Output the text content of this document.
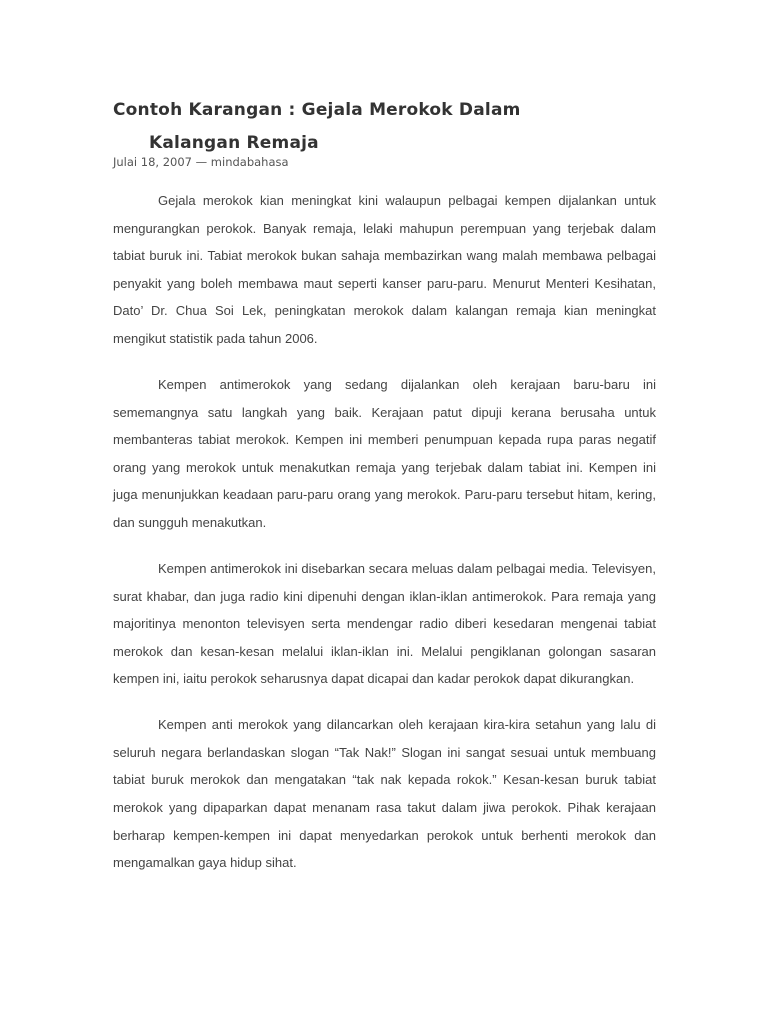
Contoh Karangan : Gejala Merokok Dalam
Kalangan Remaja
Julai 18, 2007 — mindabahasa

Gejala merokok kian meningkat kini walaupun pelbagai kempen dijalankan untuk mengurangkan perokok. Banyak remaja, lelaki mahupun perempuan yang terjebak dalam tabiat buruk ini. Tabiat merokok bukan sahaja membazirkan wang malah membawa pelbagai penyakit yang boleh membawa maut seperti kanser paru-paru. Menurut Menteri Kesihatan, Dato’ Dr. Chua Soi Lek, peningkatan merokok dalam kalangan remaja kian meningkat mengikut statistik pada tahun 2006.

Kempen antimerokok yang sedang dijalankan oleh kerajaan baru-baru ini sememangnya satu langkah yang baik. Kerajaan patut dipuji kerana berusaha untuk membanteras tabiat merokok. Kempen ini memberi penumpuan kepada rupa paras negatif orang yang merokok untuk menakutkan remaja yang terjebak dalam tabiat ini. Kempen ini juga menunjukkan keadaan paru-paru orang yang merokok. Paru-paru tersebut hitam, kering, dan sungguh menakutkan.

Kempen antimerokok ini disebarkan secara meluas dalam pelbagai media. Televisyen, surat khabar, dan juga radio kini dipenuhi dengan iklan-iklan antimerokok. Para remaja yang majoritinya menonton televisyen serta mendengar radio diberi kesedaran mengenai tabiat merokok dan kesan-kesan melalui iklan-iklan ini. Melalui pengiklanan golongan sasaran kempen ini, iaitu perokok seharusnya dapat dicapai dan kadar perokok dapat dikurangkan.

Kempen anti merokok yang dilancarkan oleh kerajaan kira-kira setahun yang lalu di seluruh negara berlandaskan slogan “Tak Nak!” Slogan ini sangat sesuai untuk membuang tabiat buruk merokok dan mengatakan “tak nak kepada rokok.” Kesan-kesan buruk tabiat merokok yang dipaparkan dapat menanam rasa takut dalam jiwa perokok. Pihak kerajaan berharap kempen-kempen ini dapat menyedarkan perokok untuk berhenti merokok dan mengamalkan gaya hidup sihat.
